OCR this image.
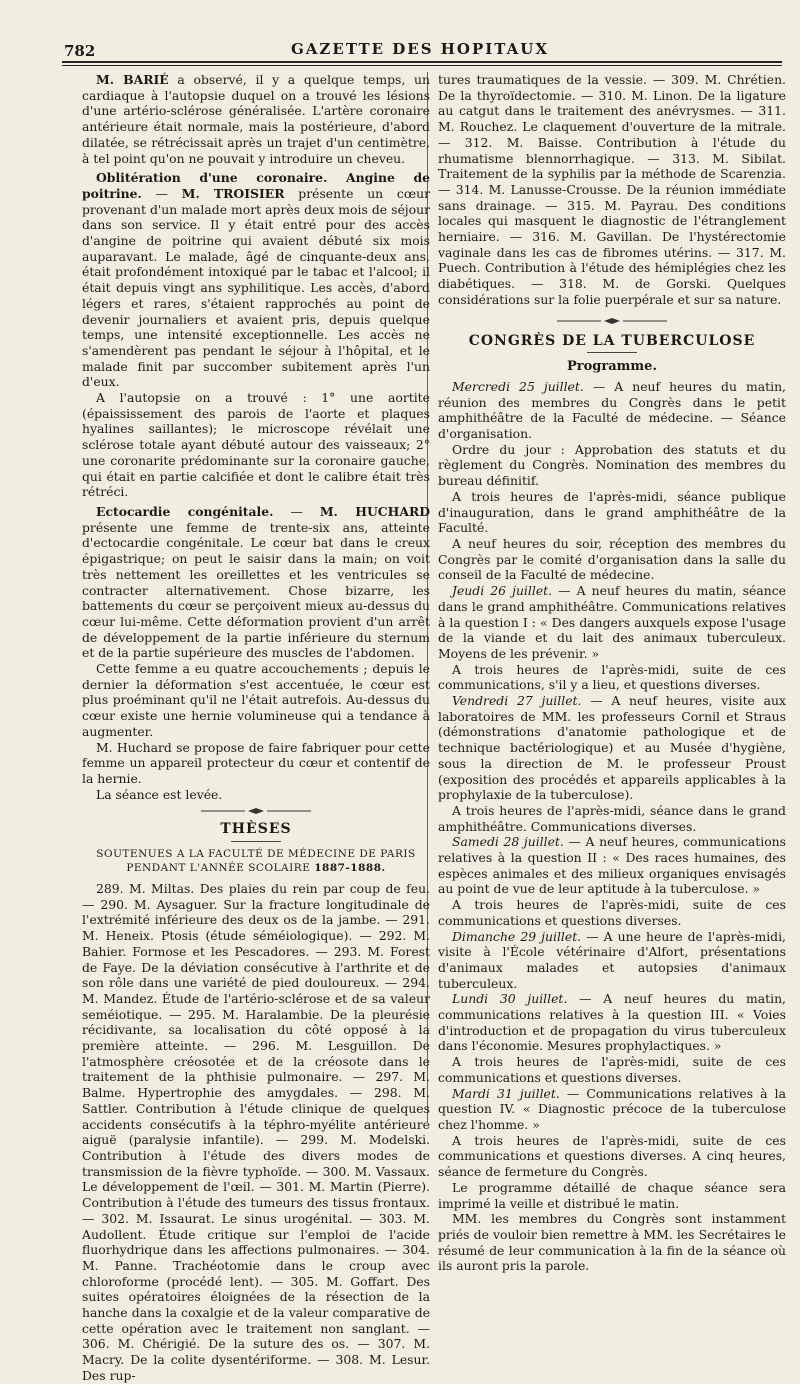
782	GAZETTE DES HOPITAUX

M. BARIÉ a observé, il y a quelque temps, un cardiaque à l'autopsie duquel on a trouvé les lésions d'une artério-sclérose généralisée. L'artère coronaire antérieure était normale, mais la postérieure, d'abord dilatée, se rétrécissait après un trajet d'un centimètre, à tel point qu'on ne pouvait y introduire un cheveu.

Oblitération d'une coronaire. Angine de poitrine. — M. TROISIER présente un cœur provenant d'un malade mort après deux mois de séjour dans son service. Il y était entré pour des accès d'angine de poitrine qui avaient débuté six mois auparavant. Le malade, âgé de cinquante-deux ans, était profondément intoxiqué par le tabac et l'alcool; il était depuis vingt ans syphilitique. Les accès, d'abord légers et rares, s'étaient rapprochés au point de devenir journaliers et avaient pris, depuis quelque temps, une intensité exceptionnelle. Les accès ne s'amendèrent pas pendant le séjour à l'hôpital, et le malade finit par succomber subitement après l'un d'eux.

A l'autopsie on a trouvé : 1° une aortite (épaississement des parois de l'aorte et plaques hyalines saillantes); le microscope révélait une sclérose totale ayant débuté autour des vaisseaux; 2° une coronarite prédominante sur la coronaire gauche, qui était en partie calcifiée et dont le calibre était très rétréci.

Ectocardie congénitale. — M. HUCHARD présente une femme de trente-six ans, atteinte d'ectocardie congénitale. Le cœur bat dans le creux épigastrique; on peut le saisir dans la main; on voit très nettement les oreillettes et les ventricules se contracter alternativement. Chose bizarre, les battements du cœur se perçoivent mieux au-dessus du cœur lui-même. Cette déformation provient d'un arrêt de développement de la partie inférieure du sternum et de la partie supérieure des muscles de l'abdomen.

Cette femme a eu quatre accouchements ; depuis le dernier la déformation s'est accentuée, le cœur est plus proéminant qu'il ne l'était autrefois. Au-dessus du cœur existe une hernie volumineuse qui a tendance à augmenter.

M. Huchard se propose de faire fabriquer pour cette femme un appareil protecteur du cœur et contentif de la hernie.

La séance est levée.

THÈSES
SOUTENUES A LA FACULTÉ DE MÉDECINE DE PARIS
PENDANT L'ANNÉE SCOLAIRE 1887-1888.

289. M. Miltas. Des plaies du rein par coup de feu. — 290. M. Aysaguer. Sur la fracture longitudinale de l'extrémité inférieure des deux os de la jambe. — 291. M. Heneix. Ptosis (étude séméiologique). — 292. M. Bahier. Formose et les Pescadores. — 293. M. Forest de Faye. De la déviation consécutive à l'arthrite et de son rôle dans une variété de pied douloureux. — 294. M. Mandez. Étude de l'artério-sclérose et de sa valeur seméiotique. — 295. M. Haralambie. De la pleurésie récidivante, sa localisation du côté opposé à la première atteinte. — 296. M. Lesguillon. De l'atmosphère créosotée et de la créosote dans le traitement de la phthisie pulmonaire. — 297. M. Balme. Hypertrophie des amygdales. — 298. M. Sattler. Contribution à l'étude clinique de quelques accidents consécutifs à la téphro-myélite antérieure aiguë (paralysie infantile). — 299. M. Modelski. Contribution à l'étude des divers modes de transmission de la fièvre typhoïde. — 300. M. Vassaux. Le développement de l'œil. — 301. M. Martin (Pierre). Contribution à l'étude des tumeurs des tissus frontaux. — 302. M. Issaurat. Le sinus urogénital. — 303. M. Audollent. Étude critique sur l'emploi de l'acide fluorhydrique dans les affections pulmonaires. — 304. M. Panne. Trachéotomie dans le croup avec chloroforme (procédé lent). — 305. M. Goffart. Des suites opératoires éloignées de la résection de la hanche dans la coxalgie et de la valeur comparative de cette opération avec le traitement non sanglant. — 306. M. Chérigié. De la suture des os. — 307. M. Macry. De la colite dysentériforme. — 308. M. Lesur. Des rup-

tures traumatiques de la vessie. — 309. M. Chrétien. De la thyroïdectomie. — 310. M. Linon. De la ligature au catgut dans le traitement des anévrysmes. — 311. M. Rouchez. Le claquement d'ouverture de la mitrale. — 312. M. Baisse. Contribution à l'étude du rhumatisme blennorrhagique. — 313. M. Sibilat. Traitement de la syphilis par la méthode de Scarenzia. — 314. M. Lanusse-Crousse. De la réunion immédiate sans drainage. — 315. M. Payrau. Des conditions locales qui masquent le diagnostic de l'étranglement herniaire. — 316. M. Gavillan. De l'hystérectomie vaginale dans les cas de fibromes utérins. — 317. M. Puech. Contribution à l'étude des hémiplégies chez les diabétiques. — 318. M. de Gorski. Quelques considérations sur la folie puerpérale et sur sa nature.

CONGRÈS DE LA TUBERCULOSE
Programme.

Mercredi 25 juillet. — A neuf heures du matin, réunion des membres du Congrès dans le petit amphithéâtre de la Faculté de médecine. — Séance d'organisation.

Ordre du jour : Approbation des statuts et du règlement du Congrès. Nomination des membres du bureau définitif.

A trois heures de l'après-midi, séance publique d'inauguration, dans le grand amphithéâtre de la Faculté.

A neuf heures du soir, réception des membres du Congrès par le comité d'organisation dans la salle du conseil de la Faculté de médecine.

Jeudi 26 juillet. — A neuf heures du matin, séance dans le grand amphithéâtre. Communications relatives à la question I : « Des dangers auxquels expose l'usage de la viande et du lait des animaux tuberculeux. Moyens de les prévenir. »

A trois heures de l'après-midi, suite de ces communications, s'il y a lieu, et questions diverses.

Vendredi 27 juillet. — A neuf heures, visite aux laboratoires de MM. les professeurs Cornil et Straus (démonstrations d'anatomie pathologique et de technique bactériologique) et au Musée d'hygiène, sous la direction de M. le professeur Proust (exposition des procédés et appareils applicables à la prophylaxie de la tuberculose).

A trois heures de l'après-midi, séance dans le grand amphithéâtre. Communications diverses.

Samedi 28 juillet. — A neuf heures, communications relatives à la question II : « Des races humaines, des espèces animales et des milieux organiques envisagés au point de vue de leur aptitude à la tuberculose. »

A trois heures de l'après-midi, suite de ces communications et questions diverses.

Dimanche 29 juillet. — A une heure de l'après-midi, visite à l'École vétérinaire d'Alfort, présentations d'animaux malades et autopsies d'animaux tuberculeux.

Lundi 30 juillet. — A neuf heures du matin, communications relatives à la question III. « Voies d'introduction et de propagation du virus tuberculeux dans l'économie. Mesures prophylactiques. »

A trois heures de l'après-midi, suite de ces communications et questions diverses.

Mardi 31 juillet. — Communications relatives à la question IV. « Diagnostic précoce de la tuberculose chez l'homme. »

A trois heures de l'après-midi, suite de ces communications et questions diverses. A cinq heures, séance de fermeture du Congrès.

Le programme détaillé de chaque séance sera imprimé la veille et distribué le matin.

MM. les membres du Congrès sont instamment priés de vouloir bien remettre à MM. les Secrétaires le résumé de leur communication à la fin de la séance où ils auront pris la parole.
